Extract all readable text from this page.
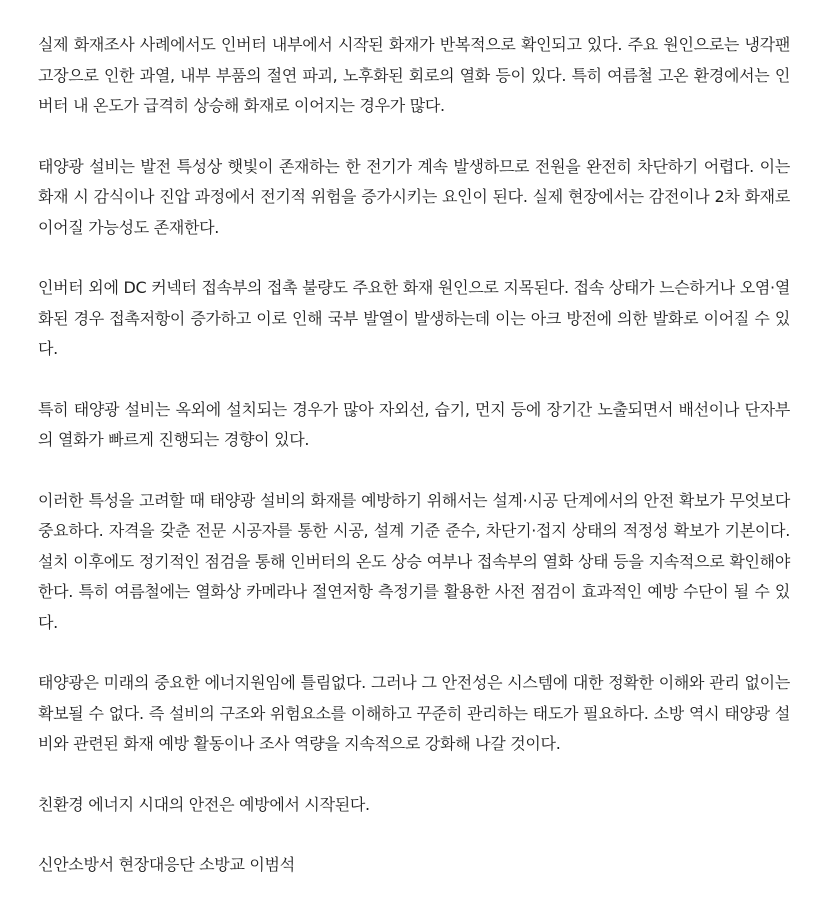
실제 화재조사 사례에서도 인버터 내부에서 시작된 화재가 반복적으로 확인되고 있다. 주요 원인으로는 냉각팬 고장으로 인한 과열, 내부 부품의 절연 파괴, 노후화된 회로의 열화 등이 있다. 특히 여름철 고온 환경에서는 인버터 내 온도가 급격히 상승해 화재로 이어지는 경우가 많다.

태양광 설비는 발전 특성상 햇빛이 존재하는 한 전기가 계속 발생하므로 전원을 완전히 차단하기 어렵다. 이는 화재 시 감식이나 진압 과정에서 전기적 위험을 증가시키는 요인이 된다. 실제 현장에서는 감전이나 2차 화재로 이어질 가능성도 존재한다.

인버터 외에 DC 커넥터 접속부의 접촉 불량도 주요한 화재 원인으로 지목된다. 접속 상태가 느슨하거나 오염·열화된 경우 접촉저항이 증가하고 이로 인해 국부 발열이 발생하는데 이는 아크 방전에 의한 발화로 이어질 수 있다.

특히 태양광 설비는 옥외에 설치되는 경우가 많아 자외선, 습기, 먼지 등에 장기간 노출되면서 배선이나 단자부의 열화가 빠르게 진행되는 경향이 있다.

이러한 특성을 고려할 때 태양광 설비의 화재를 예방하기 위해서는 설계·시공 단계에서의 안전 확보가 무엇보다 중요하다. 자격을 갖춘 전문 시공자를 통한 시공, 설계 기준 준수, 차단기·접지 상태의 적정성 확보가 기본이다. 설치 이후에도 정기적인 점검을 통해 인버터의 온도 상승 여부나 접속부의 열화 상태 등을 지속적으로 확인해야 한다. 특히 여름철에는 열화상 카메라나 절연저항 측정기를 활용한 사전 점검이 효과적인 예방 수단이 될 수 있다.

태양광은 미래의 중요한 에너지원임에 틀림없다. 그러나 그 안전성은 시스템에 대한 정확한 이해와 관리 없이는 확보될 수 없다. 즉 설비의 구조와 위험요소를 이해하고 꾸준히 관리하는 태도가 필요하다. 소방 역시 태양광 설비와 관련된 화재 예방 활동이나 조사 역량을 지속적으로 강화해 나갈 것이다.

친환경 에너지 시대의 안전은 예방에서 시작된다.

신안소방서 현장대응단 소방교 이범석
